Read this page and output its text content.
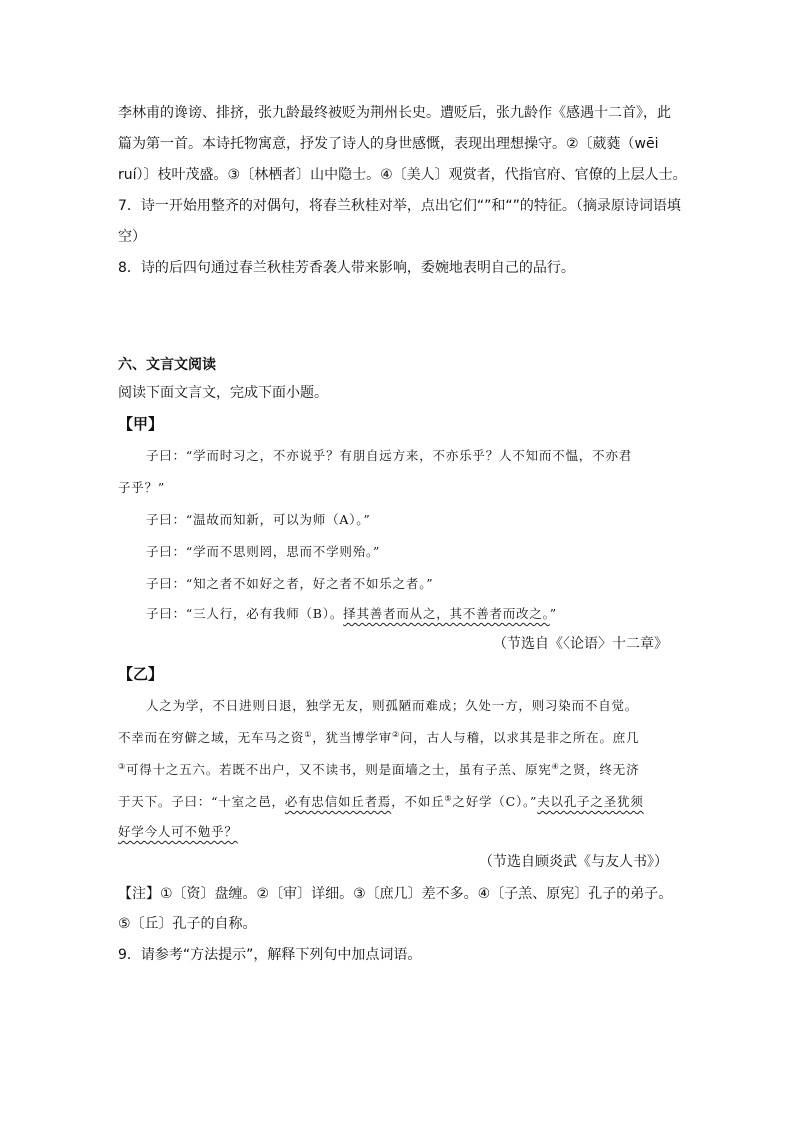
李林甫的谗谤、排挤，张九龄最终被贬为荆州长史。遭贬后，张九龄作《感遇十二首》，此
篇为第一首。本诗托物寓意，抒发了诗人的身世感慨，表现出理想操守。②〔葳蕤（wēi
ruí）〕枝叶茂盛。③〔林栖者〕山中隐士。④〔美人〕观赏者，代指官府、官僚的上层人士。
7．诗一开始用整齐的对偶句，将春兰秋桂对举，点出它们“”和“”的特征。（摘录原诗词语填
空）
8．诗的后四句通过春兰秋桂芳香袭人带来影响，委婉地表明自己的品行。
六、文言文阅读
阅读下面文言文，完成下面小题。
【甲】
子曰：“学而时习之，不亦说乎？有朋自远方来，不亦乐乎？人不知而不愠，不亦君
子乎？”
子曰：“温故而知新，可以为师（A）。”
子曰：“学而不思则罔，思而不学则殆。”
子曰：“知之者不如好之者，好之者不如乐之者。”
子曰：“三人行，必有我师（B）。择其善者而从之，其不善者而改之。”
（节选自《〈论语〉十二章》
【乙】
人之为学，不日进则日退，独学无友，则孤陋而难成；久处一方，则习染而不自觉。
不幸而在穷僻之域，无车马之资①，犹当博学审②问，古人与稽，以求其是非之所在。庶几
③可得十之五六。若既不出户，又不读书，则是面墙之士，虽有子羔、原宪④之贤，终无济
于天下。子曰：“十室之邑，必有忠信如丘者焉，不如丘⑤之好学（C）。”夫以孔子之圣犹须
好学今人可不勉乎？
（节选自顾炎武《与友人书》）
【注】①〔资〕盘缠。②〔审〕详细。③〔庶几〕差不多。④〔子羔、原宪〕孔子的弟子。
⑤〔丘〕孔子的自称。
9．请参考“方法提示”，解释下列句中加点词语。
